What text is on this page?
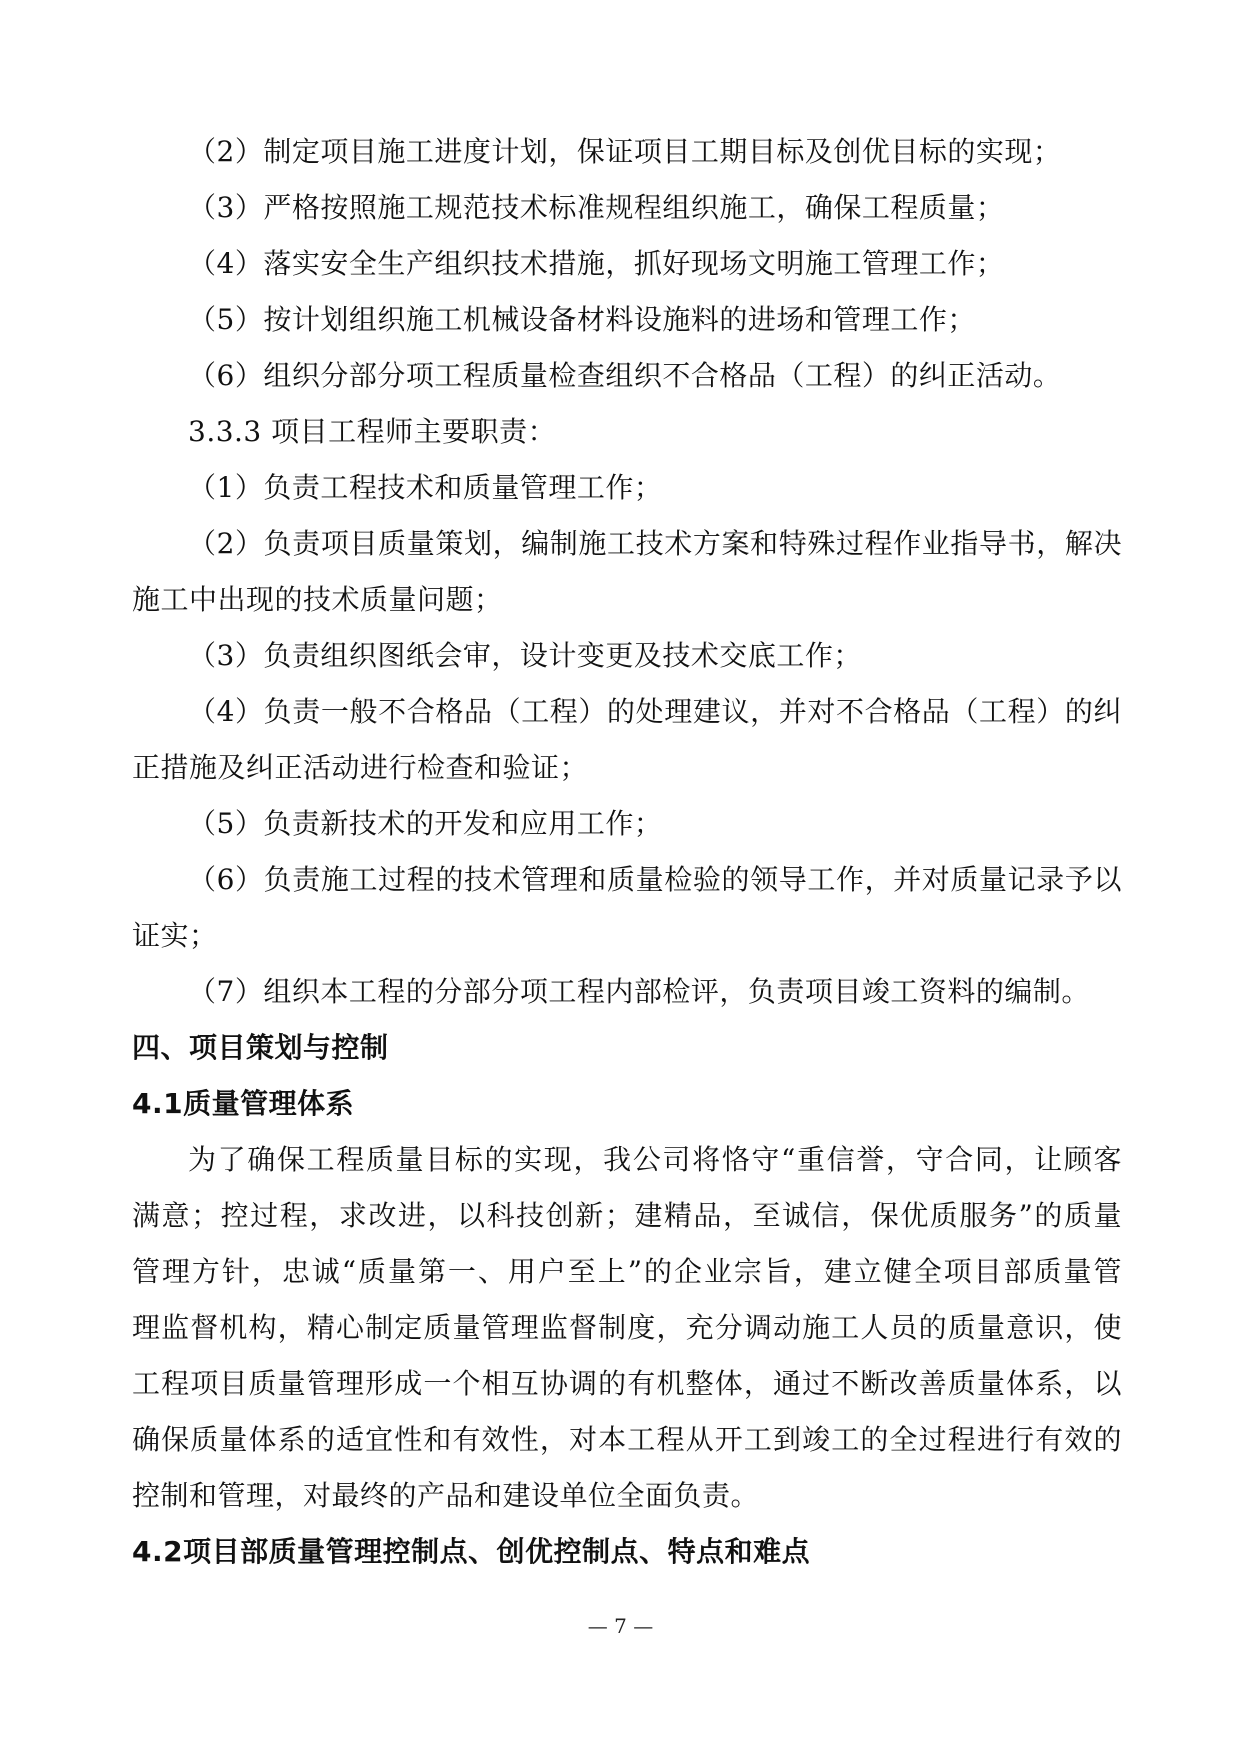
（2）制定项目施工进度计划，保证项目工期目标及创优目标的实现；
（3）严格按照施工规范技术标准规程组织施工，确保工程质量；
（4）落实安全生产组织技术措施，抓好现场文明施工管理工作；
（5）按计划组织施工机械设备材料设施料的进场和管理工作；
（6）组织分部分项工程质量检查组织不合格品（工程）的纠正活动。
3.3.3 项目工程师主要职责：
（1）负责工程技术和质量管理工作；
（2）负责项目质量策划，编制施工技术方案和特殊过程作业指导书，解决
施工中出现的技术质量问题；
（3）负责组织图纸会审，设计变更及技术交底工作；
（4）负责一般不合格品（工程）的处理建议，并对不合格品（工程）的纠
正措施及纠正活动进行检查和验证；
（5）负责新技术的开发和应用工作；
（6）负责施工过程的技术管理和质量检验的领导工作，并对质量记录予以
证实；
（7）组织本工程的分部分项工程内部检评，负责项目竣工资料的编制。
四、项目策划与控制
4.1质量管理体系
为了确保工程质量目标的实现，我公司将恪守“重信誉，守合同，让顾客
满意；控过程，求改进，以科技创新；建精品，至诚信，保优质服务”的质量
管理方针，忠诚“质量第一、用户至上”的企业宗旨，建立健全项目部质量管
理监督机构，精心制定质量管理监督制度，充分调动施工人员的质量意识，使
工程项目质量管理形成一个相互协调的有机整体，通过不断改善质量体系，以
确保质量体系的适宜性和有效性，对本工程从开工到竣工的全过程进行有效的
控制和管理，对最终的产品和建设单位全面负责。
4.2项目部质量管理控制点、创优控制点、特点和难点
— 7 —
